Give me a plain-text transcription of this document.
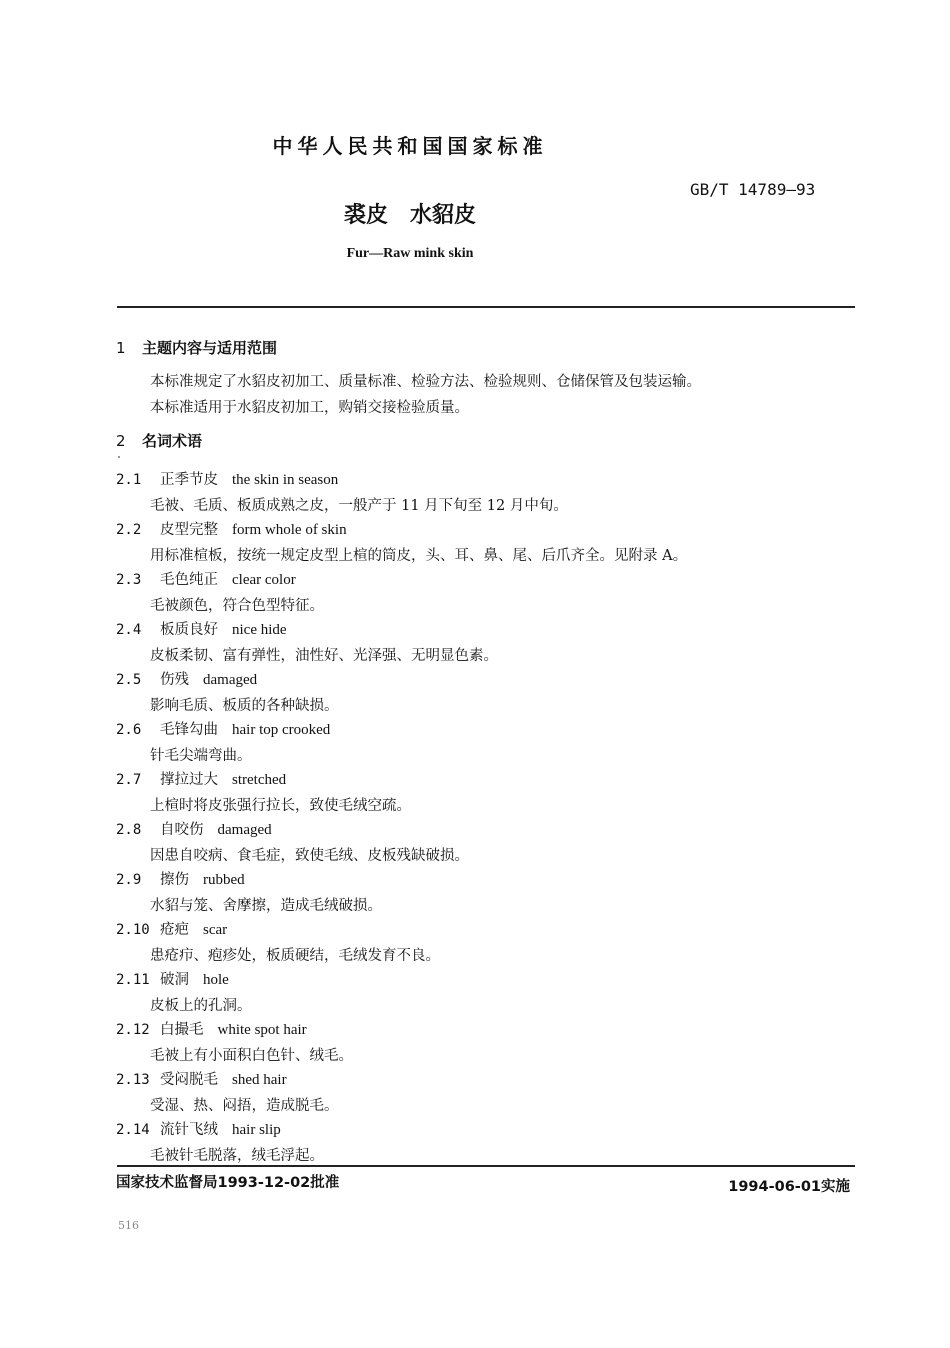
中华人民共和国国家标准
GB/T 14789—93
裘皮　水貂皮
Fur—Raw mink skin
1 主题内容与适用范围
本标准规定了水貂皮初加工、质量标准、检验方法、检验规则、仓储保管及包装运输。
本标准适用于水貂皮初加工，购销交接检验质量。
2 名词术语
2.1 正季节皮 the skin in season
毛被、毛质、板质成熟之皮，一般产于 11 月下旬至 12 月中旬。
2.2 皮型完整 form whole of skin
用标准楦板，按统一规定皮型上楦的筒皮，头、耳、鼻、尾、后爪齐全。见附录 A。
2.3 毛色纯正 clear color
毛被颜色，符合色型特征。
2.4 板质良好 nice hide
皮板柔韧、富有弹性，油性好、光泽强、无明显色素。
2.5 伤残 damaged
影响毛质、板质的各种缺损。
2.6 毛锋勾曲 hair top crooked
针毛尖端弯曲。
2.7 撑拉过大 stretched
上楦时将皮张强行拉长，致使毛绒空疏。
2.8 自咬伤 damaged
因患自咬病、食毛症，致使毛绒、皮板残缺破损。
2.9 擦伤 rubbed
水貂与笼、舍摩擦，造成毛绒破损。
2.10 疮疤 scar
患疮疖、疱疹处，板质硬结，毛绒发育不良。
2.11 破洞 hole
皮板上的孔洞。
2.12 白撮毛 white spot hair
毛被上有小面积白色针、绒毛。
2.13 受闷脱毛 shed hair
受湿、热、闷捂，造成脱毛。
2.14 流针飞绒 hair slip
毛被针毛脱落，绒毛浮起。
国家技术监督局1993-12-02批准	1994-06-01实施
516
